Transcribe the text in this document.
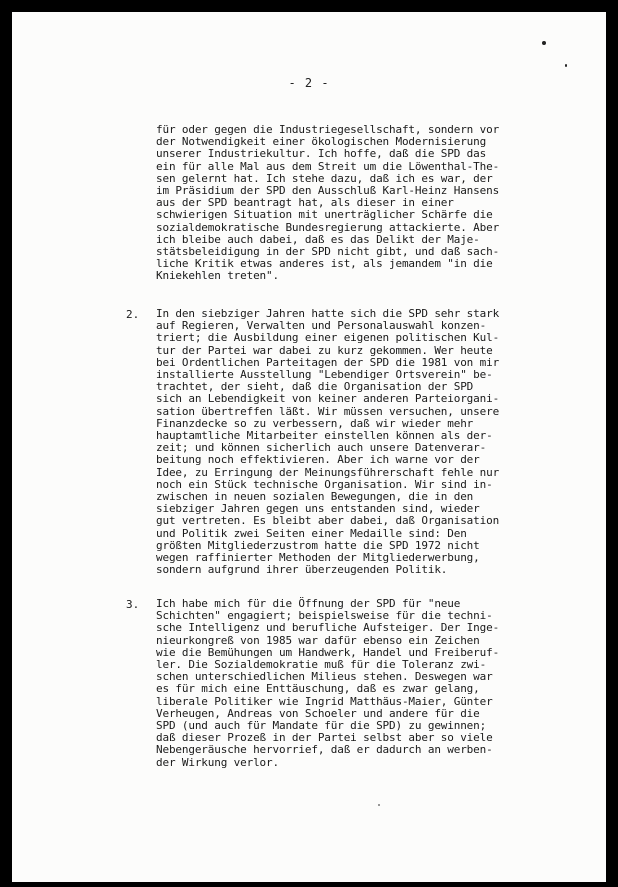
- 2 -
für oder gegen die Industriegesellschaft, sondern vor
der Notwendigkeit einer ökologischen Modernisierung
unserer Industriekultur. Ich hoffe, daß die SPD das
ein für alle Mal aus dem Streit um die Löwenthal-The-
sen gelernt hat. Ich stehe dazu, daß ich es war, der
im Präsidium der SPD den Ausschluß Karl-Heinz Hansens
aus der SPD beantragt hat, als dieser in einer
schwierigen Situation mit unerträglicher Schärfe die
sozialdemokratische Bundesregierung attackierte. Aber
ich bleibe auch dabei, daß es das Delikt der Maje-
stätsbeleidigung in der SPD nicht gibt, und daß sach-
liche Kritik etwas anderes ist, als jemandem "in die
Kniekehlen treten".
2. In den siebziger Jahren hatte sich die SPD sehr stark
auf Regieren, Verwalten und Personalauswahl konzen-
triert; die Ausbildung einer eigenen politischen Kul-
tur der Partei war dabei zu kurz gekommen. Wer heute
bei Ordentlichen Parteitagen der SPD die 1981 von mir
installierte Ausstellung "Lebendiger Ortsverein" be-
trachtet, der sieht, daß die Organisation der SPD
sich an Lebendigkeit von keiner anderen Parteiorgani-
sation übertreffen läßt. Wir müssen versuchen, unsere
Finanzdecke so zu verbessern, daß wir wieder mehr
hauptamtliche Mitarbeiter einstellen können als der-
zeit; und können sicherlich auch unsere Datenverar-
beitung noch effektivieren. Aber ich warne vor der
Idee, zu Erringung der Meinungsführerschaft fehle nur
noch ein Stück technische Organisation. Wir sind in-
zwischen in neuen sozialen Bewegungen, die in den
siebziger Jahren gegen uns entstanden sind, wieder
gut vertreten. Es bleibt aber dabei, daß Organisation
und Politik zwei Seiten einer Medaille sind: Den
größten Mitgliederzustrom hatte die SPD 1972 nicht
wegen raffinierter Methoden der Mitgliederwerbung,
sondern aufgrund ihrer überzeugenden Politik.
3. Ich habe mich für die Öffnung der SPD für "neue
Schichten" engagiert; beispielsweise für die techni-
sche Intelligenz und berufliche Aufsteiger. Der Inge-
nieurkongreß von 1985 war dafür ebenso ein Zeichen
wie die Bemühungen um Handwerk, Handel und Freiberuf-
ler. Die Sozialdemokratie muß für die Toleranz zwi-
schen unterschiedlichen Milieus stehen. Deswegen war
es für mich eine Enttäuschung, daß es zwar gelang,
liberale Politiker wie Ingrid Matthäus-Maier, Günter
Verheugen, Andreas von Schoeler und andere für die
SPD (und auch für Mandate für die SPD) zu gewinnen;
daß dieser Prozeß in der Partei selbst aber so viele
Nebengeräusche hervorrief, daß er dadurch an werben-
der Wirkung verlor.
